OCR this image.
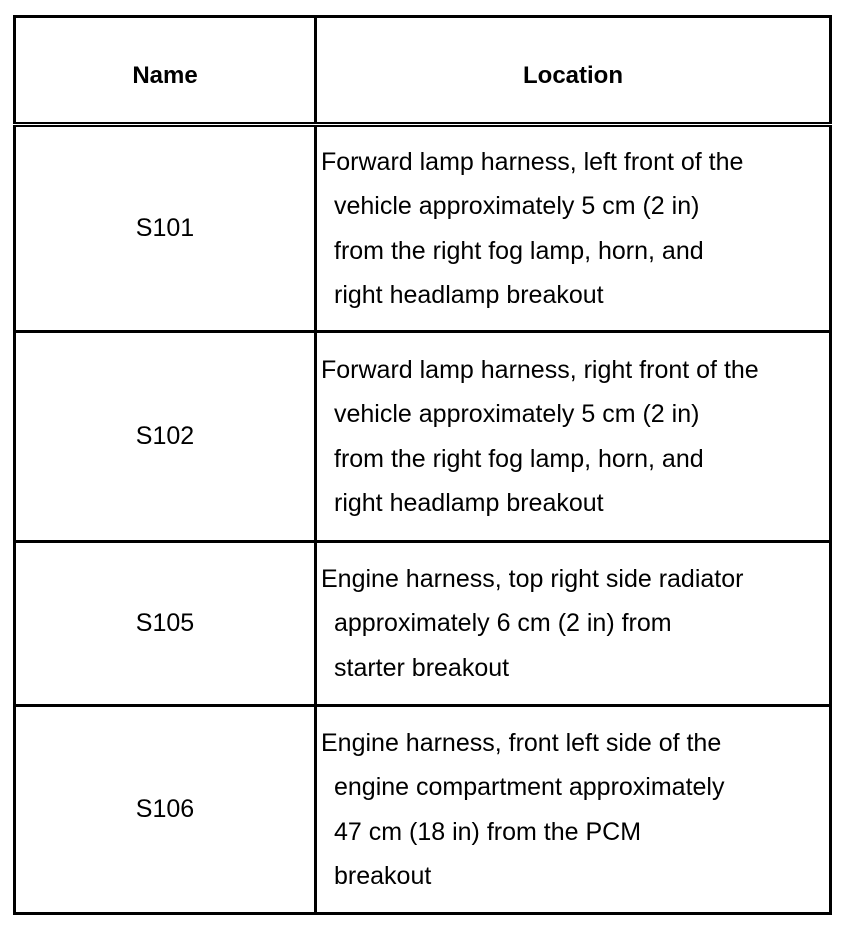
Name	Location
S101	Forward lamp harness, left front of the
vehicle approximately 5 cm (2 in)
from the right fog lamp, horn, and
right headlamp breakout

S102	Forward lamp harness, right front of the
vehicle approximately 5 cm (2 in)
from the right fog lamp, horn, and
right headlamp breakout

S105	Engine harness, top right side radiator
approximately 6 cm (2 in) from
starter breakout

S106	Engine harness, front left side of the
engine compartment approximately
47 cm (18 in) from the PCM
breakout
